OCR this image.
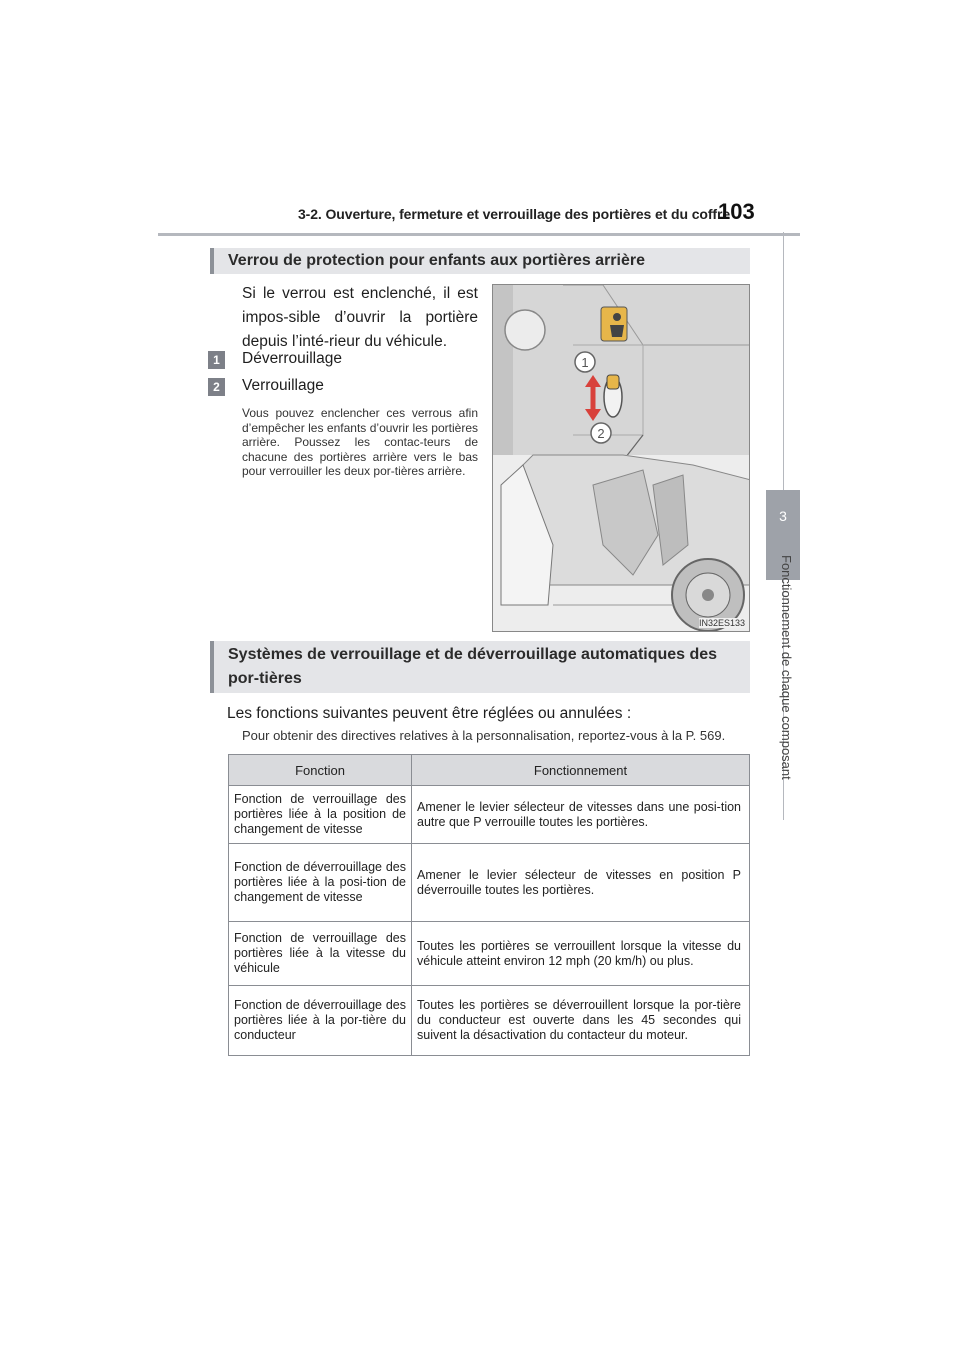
3-2. Ouverture, fermeture et verrouillage des portières et du coffre
103
3
Fonctionnement de chaque composant
Verrou de protection pour enfants aux portières arrière
Si le verrou est enclenché, il est impos-sible d’ouvrir la portière depuis l’inté-rieur du véhicule.
1	Déverrouillage
2	Verrouillage
Vous pouvez enclencher ces verrous afin d’empêcher les enfants d’ouvrir les portières arrière. Poussez les contac-teurs de chacune des portières arrière vers le bas pour verrouiller les deux por-tières arrière.
1
2
IN32ES133
Systèmes de verrouillage et de déverrouillage automatiques des por-tières
Les fonctions suivantes peuvent être réglées ou annulées :
Pour obtenir des directives relatives à la personnalisation, reportez-vous à la P. 569.
Fonction	Fonctionnement
Fonction de verrouillage des portières liée à la position de changement de vitesse	Amener le levier sélecteur de vitesses dans une posi-tion autre que P verrouille toutes les portières.
Fonction de déverrouillage des portières liée à la posi-tion de changement de vitesse	Amener le levier sélecteur de vitesses en position P déverrouille toutes les portières.
Fonction de verrouillage des portières liée à la vitesse du véhicule	Toutes les portières se verrouillent lorsque la vitesse du véhicule atteint environ 12 mph (20 km/h) ou plus.
Fonction de déverrouillage des portières liée à la por-tière du conducteur	Toutes les portières se déverrouillent lorsque la por-tière du conducteur est ouverte dans les 45 secondes qui suivent la désactivation du contacteur du moteur.
